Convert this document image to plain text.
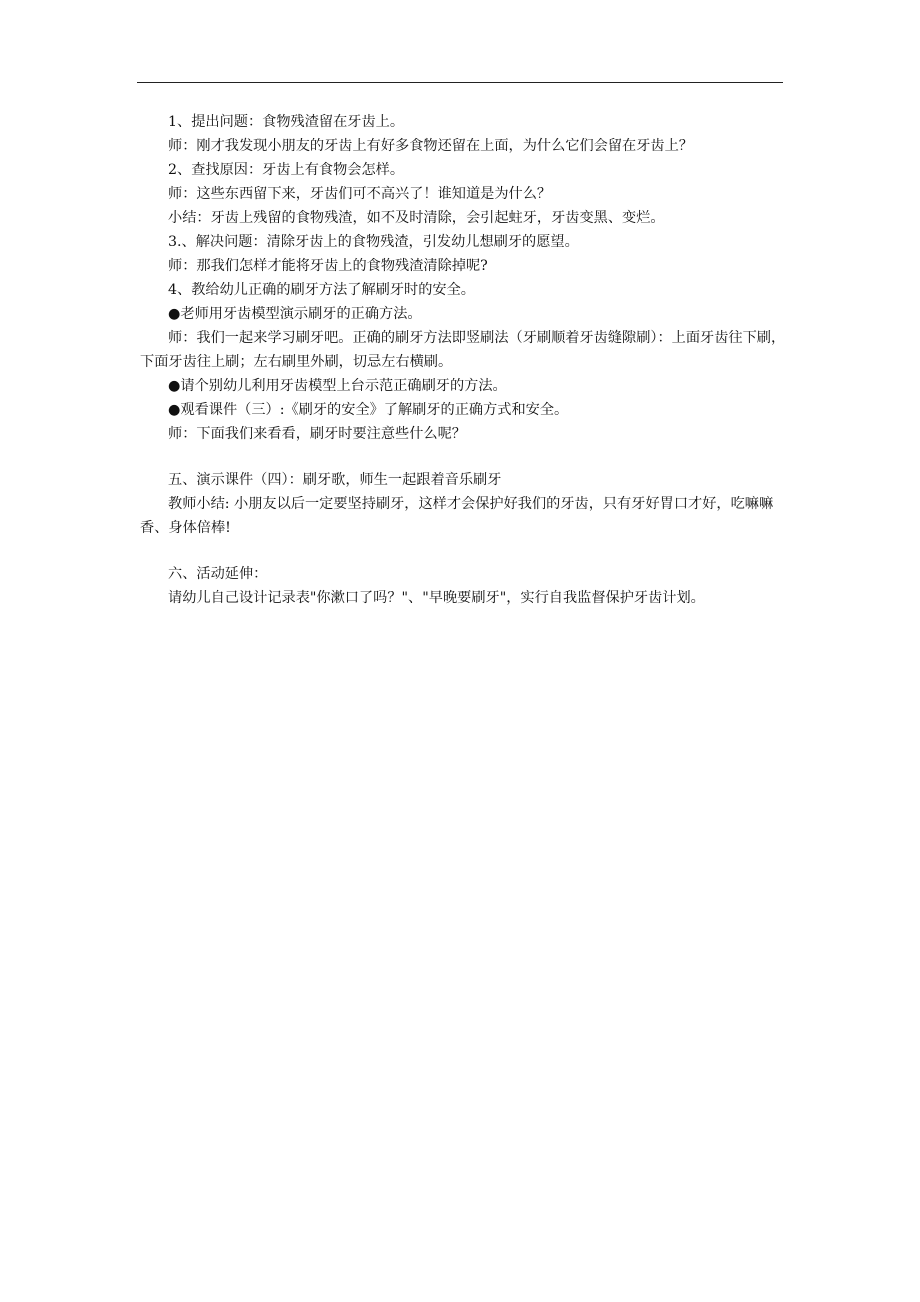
1、提出问题：食物残渣留在牙齿上。

师：刚才我发现小朋友的牙齿上有好多食物还留在上面，为什么它们会留在牙齿上？

2、查找原因：牙齿上有食物会怎样。

师：这些东西留下来，牙齿们可不高兴了！谁知道是为什么？

小结：牙齿上残留的食物残渣，如不及时清除，会引起蛀牙，牙齿变黑、变烂。

3.、解决问题：清除牙齿上的食物残渣，引发幼儿想刷牙的愿望。

师：那我们怎样才能将牙齿上的食物残渣清除掉呢?

4、教给幼儿正确的刷牙方法了解刷牙时的安全。

●老师用牙齿模型演示刷牙的正确方法。

师：我们一起来学习刷牙吧。正确的刷牙方法即竖刷法（牙刷顺着牙齿缝隙刷）：上面牙齿往下刷，下面牙齿往上刷；左右刷里外刷，切忌左右横刷。

●请个别幼儿利用牙齿模型上台示范正确刷牙的方法。

●观看课件（三）:《刷牙的安全》了解刷牙的正确方式和安全。

师：下面我们来看看，刷牙时要注意些什么呢？

五、演示课件（四）：刷牙歌，师生一起跟着音乐刷牙

教师小结: 小朋友以后一定要坚持刷牙，这样才会保护好我们的牙齿，只有牙好胃口才好，吃嘛嘛香、身体倍棒!

六、活动延伸：

请幼儿自己设计记录表"你漱口了吗？"、"早晚要刷牙"，实行自我监督保护牙齿计划。
